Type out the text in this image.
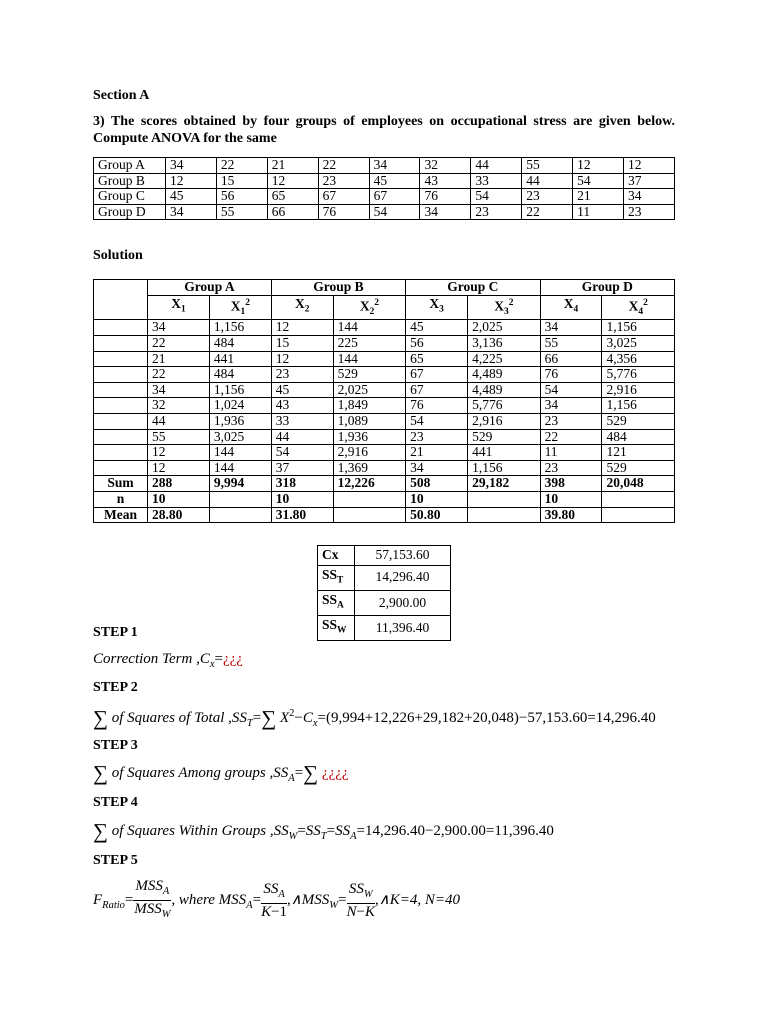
Section A
3) The scores obtained by four groups of employees on occupational stress are given below. Compute ANOVA for the same
Group A	34	22	21	22	34	32	44	55	12	12
Group B	12	15	12	23	45	43	33	44	54	37
Group C	45	56	65	67	67	76	54	23	21	34
Group D	34	55	66	76	54	34	23	22	11	23
Solution
	Group A		Group B		Group C		Group D	
	$X_1$	$X_1^2$	$X_2$	$X_2^2$	$X_3$	$X_3^2$	$X_4$	$X_4^2$
	34	1,156	12	144	45	2,025	34	1,156
	22	484	15	225	56	3,136	55	3,025
	21	441	12	144	65	4,225	66	4,356
	22	484	23	529	67	4,489	76	5,776
	34	1,156	45	2,025	67	4,489	54	2,916
	32	1,024	43	1,849	76	5,776	34	1,156
	44	1,936	33	1,089	54	2,916	23	529
	55	3,025	44	1,936	23	529	22	484
	12	144	54	2,916	21	441	11	121
	12	144	37	1,369	34	1,156	23	529
Sum	288	9,994	318	12,226	508	29,182	398	20,048
n	10		10		10		10	
Mean	28.80		31.80		50.80		39.80	
Cx	57,153.60
$SS_T$	14,296.40
$SS_A$	2,900.00
$SS_W$	11,396.40
STEP 1
Correction Term $,C_x=¿¿¿$
STEP 2
∑ of Squares of Total $,SS_T=\sum$ $X^2-C_x=(9,994+12,226+29,182+20,048)-57,153.60=14,296.40$
STEP 3
∑ of Squares Among groups $,SS_A=\sum$ ¿¿¿¿
STEP 4
∑ of Squares Within Groups $,SS_W=SS_T=SS_A=14,296.40-2,900.00=11,396.40$
STEP 5
$F_{Ratio}= \frac{MSS_A}{MSS_W}$ , where $MSS_A= \frac{SS_A}{K-1}$ $,\wedge MSS_W= \frac{SS_W}{N-K}$ ,∧K=4, N=40
